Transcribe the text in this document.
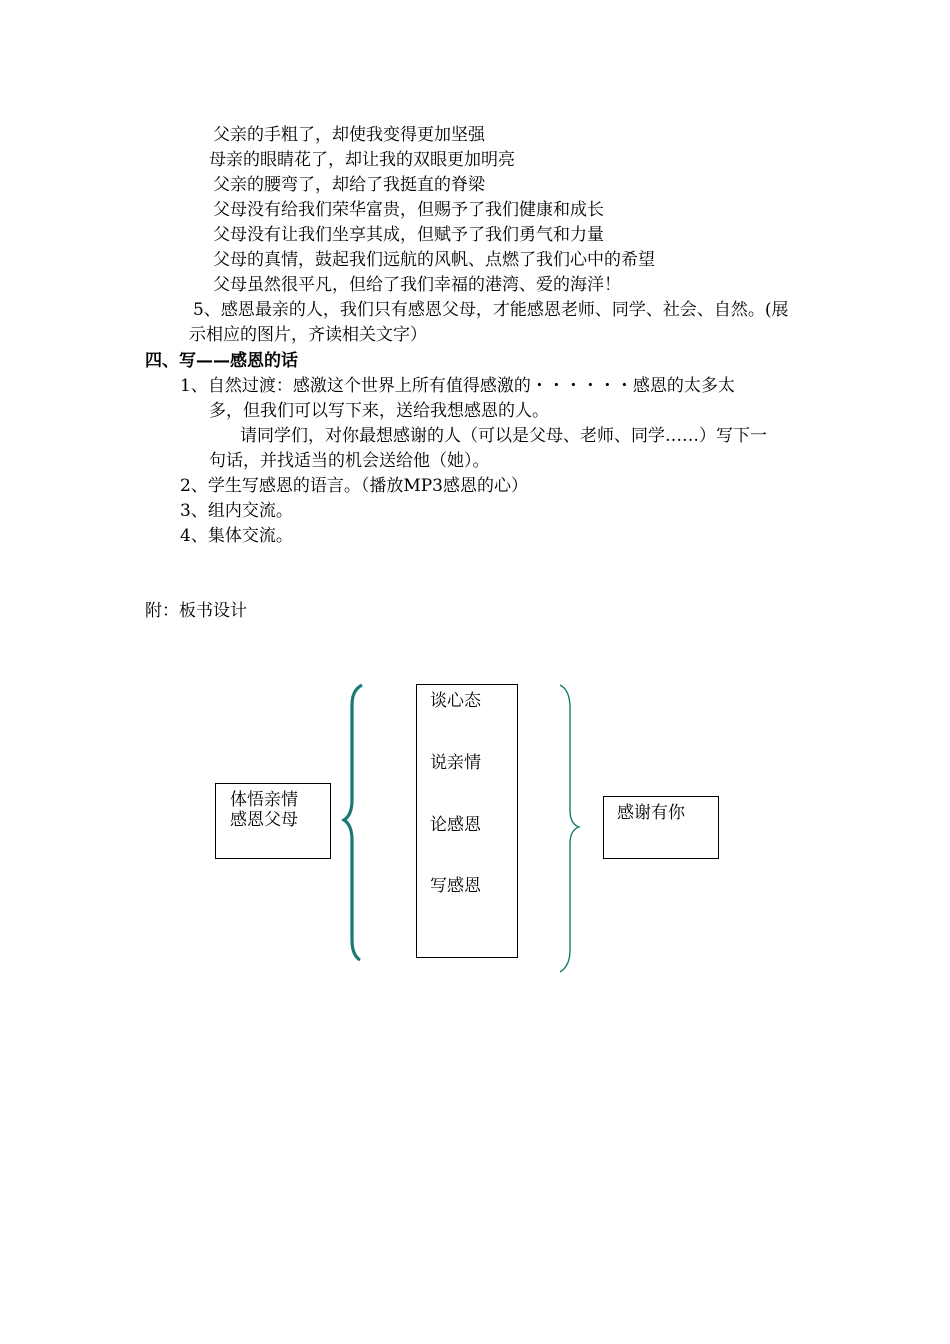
父亲的手粗了，却使我变得更加坚强
母亲的眼睛花了，却让我的双眼更加明亮
父亲的腰弯了，却给了我挺直的脊梁
父母没有给我们荣华富贵，但赐予了我们健康和成长
父母没有让我们坐享其成，但赋予了我们勇气和力量
父母的真情，鼓起我们远航的风帆、点燃了我们心中的希望
父母虽然很平凡，但给了我们幸福的港湾、爱的海洋！
5、感恩最亲的人，我们只有感恩父母，才能感恩老师、同学、社会、自然。(展
示相应的图片，齐读相关文字）
四、写——感恩的话
1、自然过渡：感激这个世界上所有值得感激的・・・・・・感恩的太多太
多，但我们可以写下来，送给我想感恩的人。
请同学们，对你最想感谢的人（可以是父母、老师、同学……）写下一
句话，并找适当的机会送给他（她）。
2、学生写感恩的语言。（播放MP3感恩的心）
3、组内交流。
4、集体交流。
附：板书设计
体悟亲情
感恩父母
谈心态
说亲情
论感恩
写感恩
感谢有你
